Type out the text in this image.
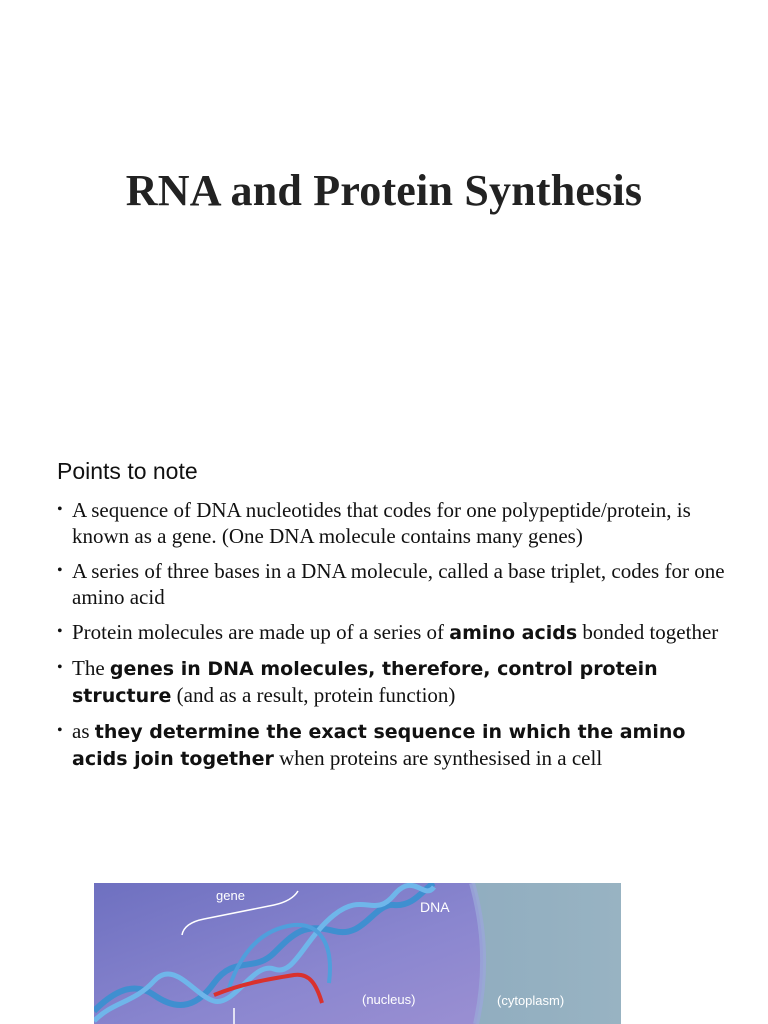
RNA and Protein Synthesis
Points to note
• A sequence of DNA nucleotides that codes for one polypeptide/protein, is known as a gene. (One DNA molecule contains many genes)
• A series of three bases in a DNA molecule, called a base triplet, codes for one amino acid
• Protein molecules are made up of a series of amino acids bonded together
• The genes in DNA molecules, therefore, control protein structure (and as a result, protein function)
• as they determine the exact sequence in which the amino acids join together when proteins are synthesised in a cell
gene
DNA
(nucleus)	(cytoplasm)
